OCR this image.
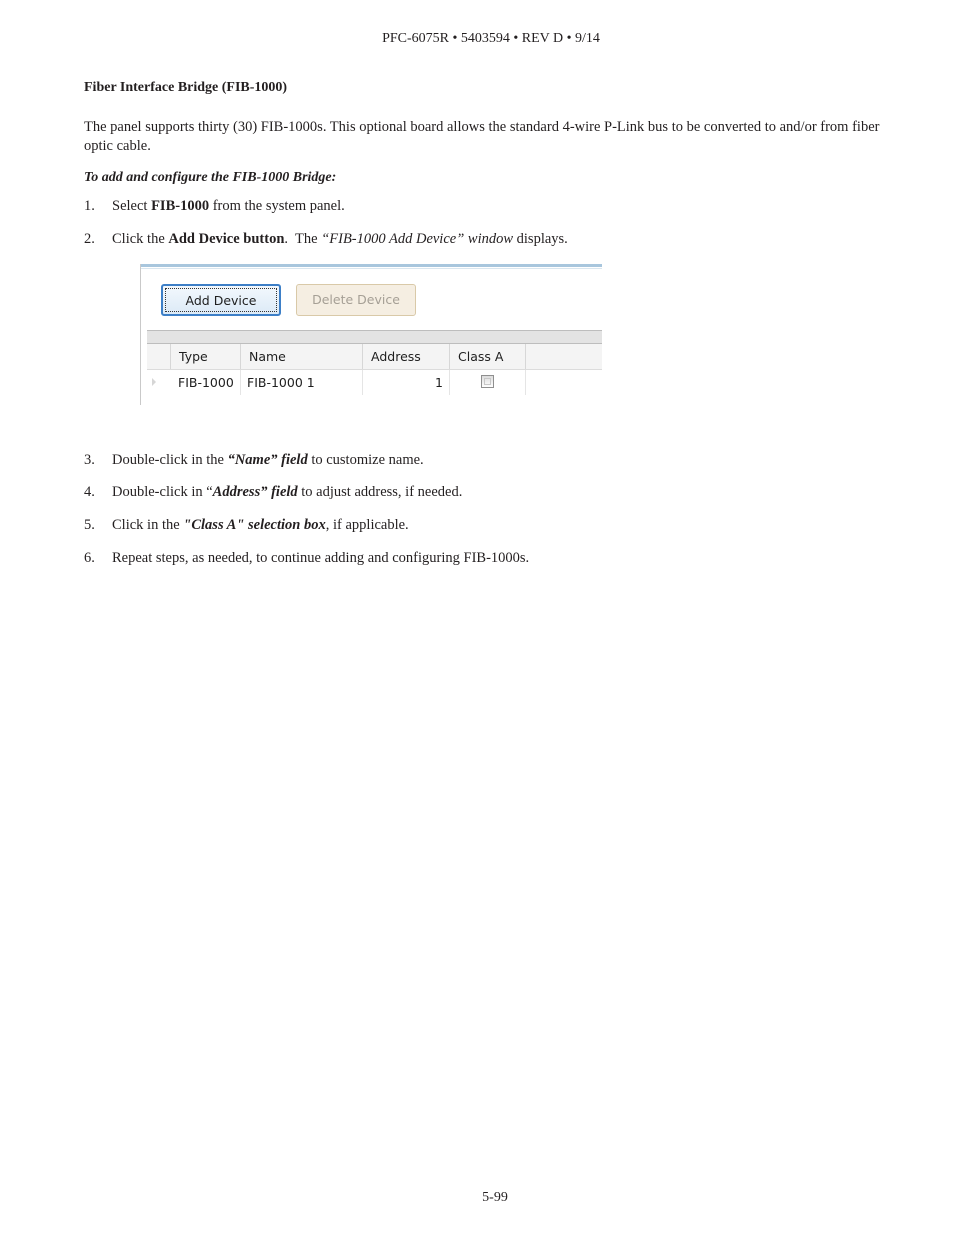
PFC-6075R • 5403594 • REV D • 9/14
Fiber Interface Bridge (FIB-1000)
The panel supports thirty (30) FIB-1000s. This optional board allows the standard 4-wire P-Link bus to be converted to and/or from fiber optic cable.
To add and configure the FIB-1000 Bridge:
1. Select FIB-1000 from the system panel.
2. Click the Add Device button.  The “FIB-1000 Add Device” window displays.
Add Device	Delete Device
Type	Name	Address	Class A
FIB-1000	FIB-1000 1	1
3. Double-click in the “Name” field to customize name.
4. Double-click in “Address” field to adjust address, if needed.
5. Click in the "Class A" selection box, if applicable.
6. Repeat steps, as needed, to continue adding and configuring FIB-1000s.
5-99
